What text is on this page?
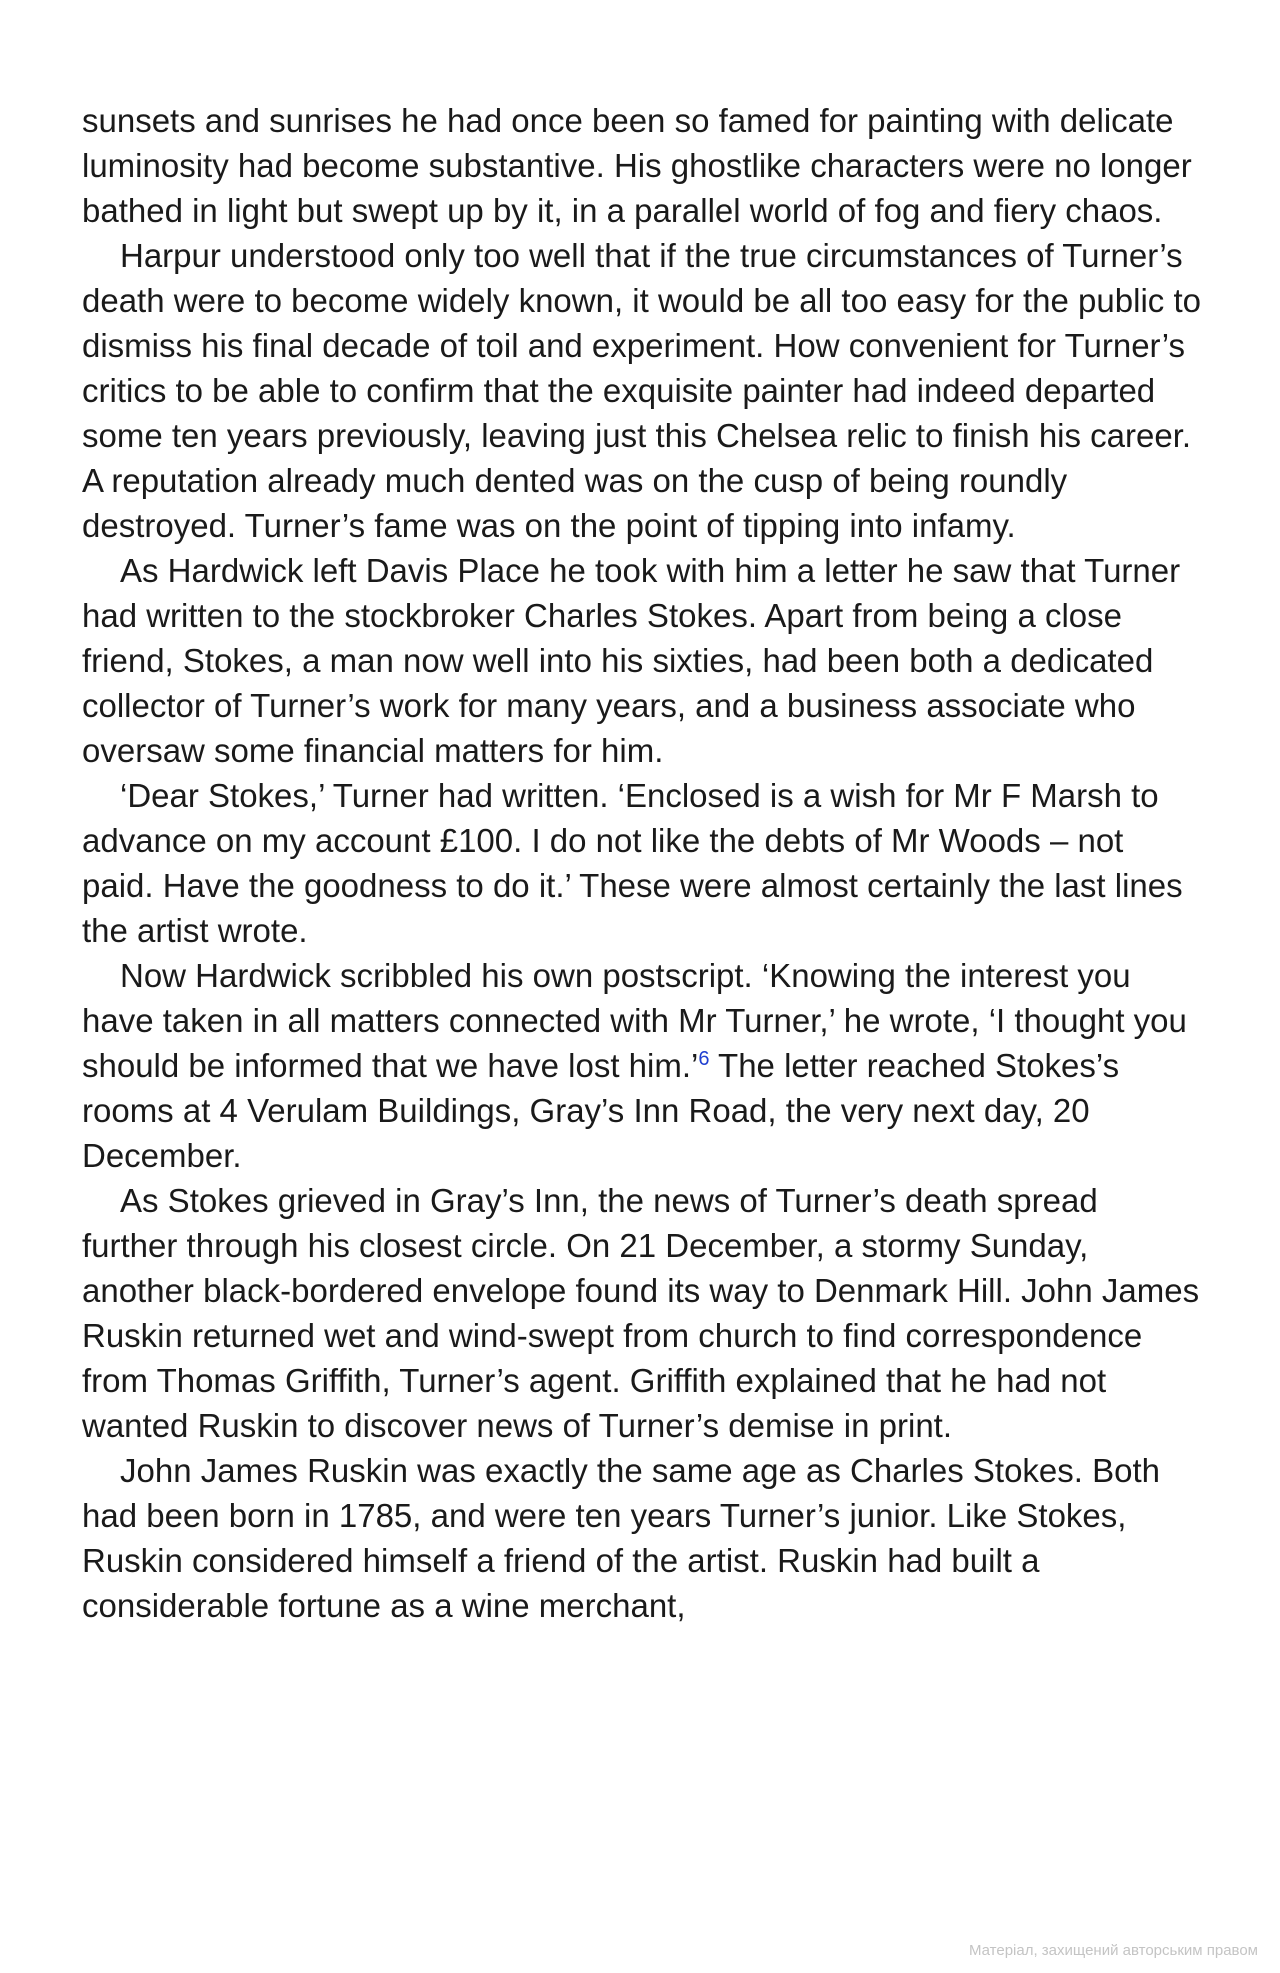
sunsets and sunrises he had once been so famed for painting with delicate luminosity had become substantive. His ghostlike characters were no longer bathed in light but swept up by it, in a parallel world of fog and fiery chaos.

Harpur understood only too well that if the true circumstances of Turner’s death were to become widely known, it would be all too easy for the public to dismiss his final decade of toil and experiment. How convenient for Turner’s critics to be able to confirm that the exquisite painter had indeed departed some ten years previously, leaving just this Chelsea relic to finish his career. A reputation already much dented was on the cusp of being roundly destroyed. Turner’s fame was on the point of tipping into infamy.

As Hardwick left Davis Place he took with him a letter he saw that Turner had written to the stockbroker Charles Stokes. Apart from being a close friend, Stokes, a man now well into his sixties, had been both a dedicated collector of Turner’s work for many years, and a business associate who oversaw some financial matters for him.

‘Dear Stokes,’ Turner had written. ‘Enclosed is a wish for Mr F Marsh to advance on my account £100. I do not like the debts of Mr Woods – not paid. Have the goodness to do it.’ These were almost certainly the last lines the artist wrote.

Now Hardwick scribbled his own postscript. ‘Knowing the interest you have taken in all matters connected with Mr Turner,’ he wrote, ‘I thought you should be informed that we have lost him.’$^6$ The letter reached Stokes’s rooms at 4 Verulam Buildings, Gray’s Inn Road, the very next day, 20 December.

As Stokes grieved in Gray’s Inn, the news of Turner’s death spread further through his closest circle. On 21 December, a stormy Sunday, another black-bordered envelope found its way to Denmark Hill. John James Ruskin returned wet and wind-swept from church to find correspondence from Thomas Griffith, Turner’s agent. Griffith explained that he had not wanted Ruskin to discover news of Turner’s demise in print.

John James Ruskin was exactly the same age as Charles Stokes. Both had been born in 1785, and were ten years Turner’s junior. Like Stokes, Ruskin considered himself a friend of the artist. Ruskin had built a considerable fortune as a wine merchant,

Матеріал, захищений авторським правом
